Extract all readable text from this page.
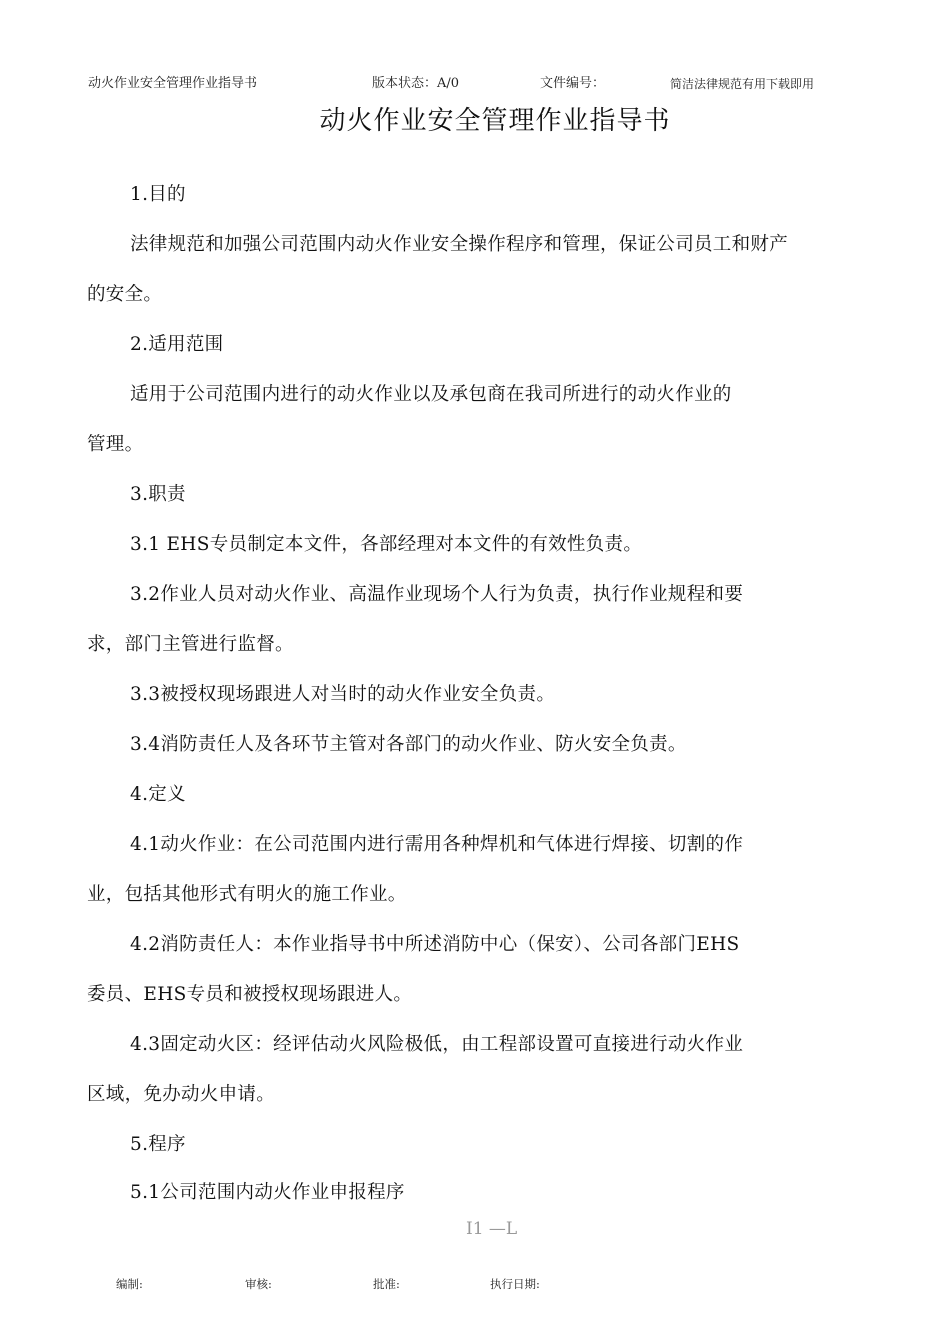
动火作业安全管理作业指导书	版本状态：A/0	文件编号：	简洁法律规范有用下载即用
动火作业安全管理作业指导书
1.目的
法律规范和加强公司范围内动火作业安全操作程序和管理，保证公司员工和财产
的安全。
2.适用范围
适用于公司范围内进行的动火作业以及承包商在我司所进行的动火作业的
管理。
3.职责
3.1 EHS专员制定本文件，各部经理对本文件的有效性负责。
3.2作业人员对动火作业、高温作业现场个人行为负责，执行作业规程和要
求，部门主管进行监督。
3.3被授权现场跟进人对当时的动火作业安全负责。
3.4消防责任人及各环节主管对各部门的动火作业、防火安全负责。
4.定义
4.1动火作业：在公司范围内进行需用各种焊机和气体进行焊接、切割的作
业，包括其他形式有明火的施工作业。
4.2消防责任人：本作业指导书中所述消防中心（保安）、公司各部门EHS
委员、EHS专员和被授权现场跟进人。
4.3固定动火区：经评估动火风险极低，由工程部设置可直接进行动火作业
区域，免办动火申请。
5.程序
5.1公司范围内动火作业申报程序
I1 —L
编制:	审核:	批准:	执行日期:
